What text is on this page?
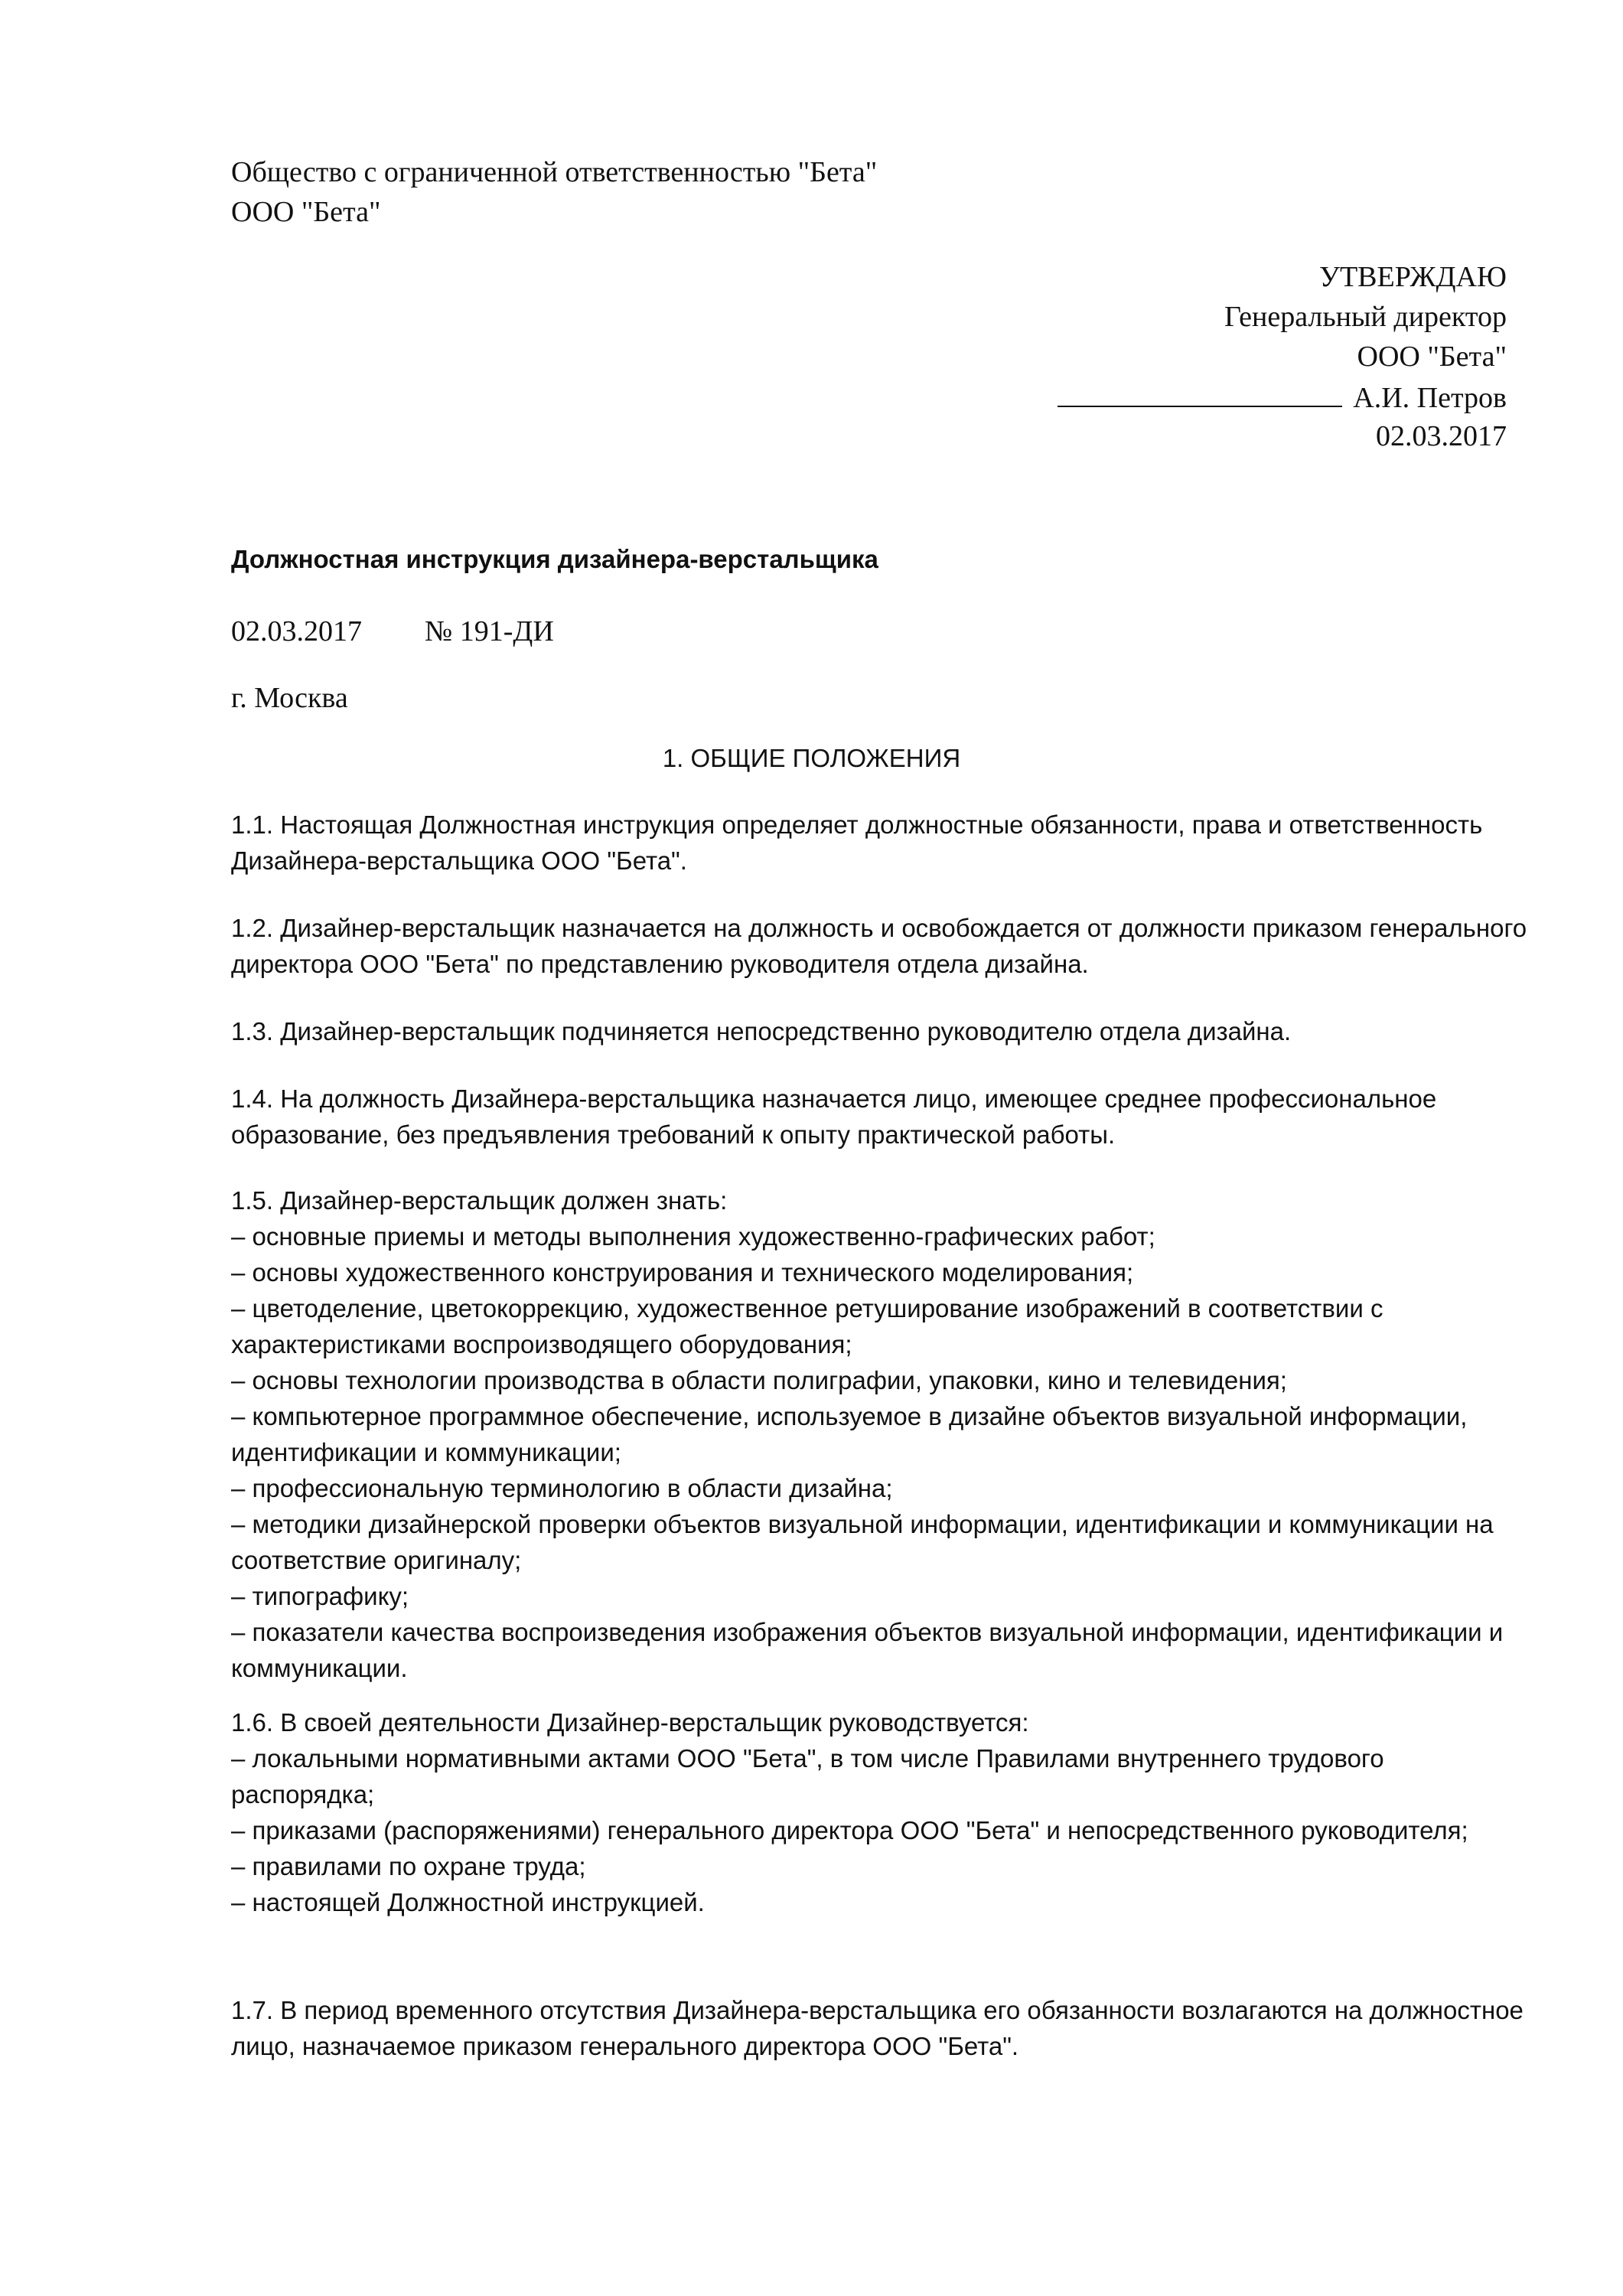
Общество с ограниченной ответственностью "Бета"
ООО "Бета"
УТВЕРЖДАЮ
Генеральный директор
ООО "Бета"
А.И. Петров
02.03.2017
Должностная инструкция дизайнера-верстальщика
02.03.2017 № 191-ДИ
г. Москва
1. ОБЩИЕ ПОЛОЖЕНИЯ

1.1. Настоящая Должностная инструкция определяет должностные обязанности, права и ответственность Дизайнера-верстальщика ООО "Бета".

1.2. Дизайнер-верстальщик назначается на должность и освобождается от должности приказом генерального директора ООО "Бета" по представлению руководителя отдела дизайна.

1.3. Дизайнер-верстальщик подчиняется непосредственно руководителю отдела дизайна.

1.4. На должность Дизайнера-верстальщика назначается лицо, имеющее среднее профессиональное образование, без предъявления требований к опыту практической работы.

1.5. Дизайнер-верстальщик должен знать:

– основные приемы и методы выполнения художественно-графических работ;
– основы художественного конструирования и технического моделирования;
– цветоделение, цветокоррекцию, художественное ретуширование изображений в соответствии с характеристиками воспроизводящего оборудования;
– основы технологии производства в области полиграфии, упаковки, кино и телевидения;
– компьютерное программное обеспечение, используемое в дизайне объектов визуальной информации, идентификации и коммуникации;
– профессиональную терминологию в области дизайна;
– методики дизайнерской проверки объектов визуальной информации, идентификации и коммуникации на соответствие оригиналу;
– типографику;
– показатели качества воспроизведения изображения объектов визуальной информации, идентификации и коммуникации.

1.6. В своей деятельности Дизайнер-верстальщик руководствуется:

– локальными нормативными актами ООО "Бета", в том числе Правилами внутреннего трудового распорядка;
– приказами (распоряжениями) генерального директора ООО "Бета" и непосредственного руководителя;
– правилами по охране труда;
– настоящей Должностной инструкцией.

1.7. В период временного отсутствия Дизайнера-верстальщика его обязанности возлагаются на должностное лицо, назначаемое приказом генерального директора ООО "Бета".
